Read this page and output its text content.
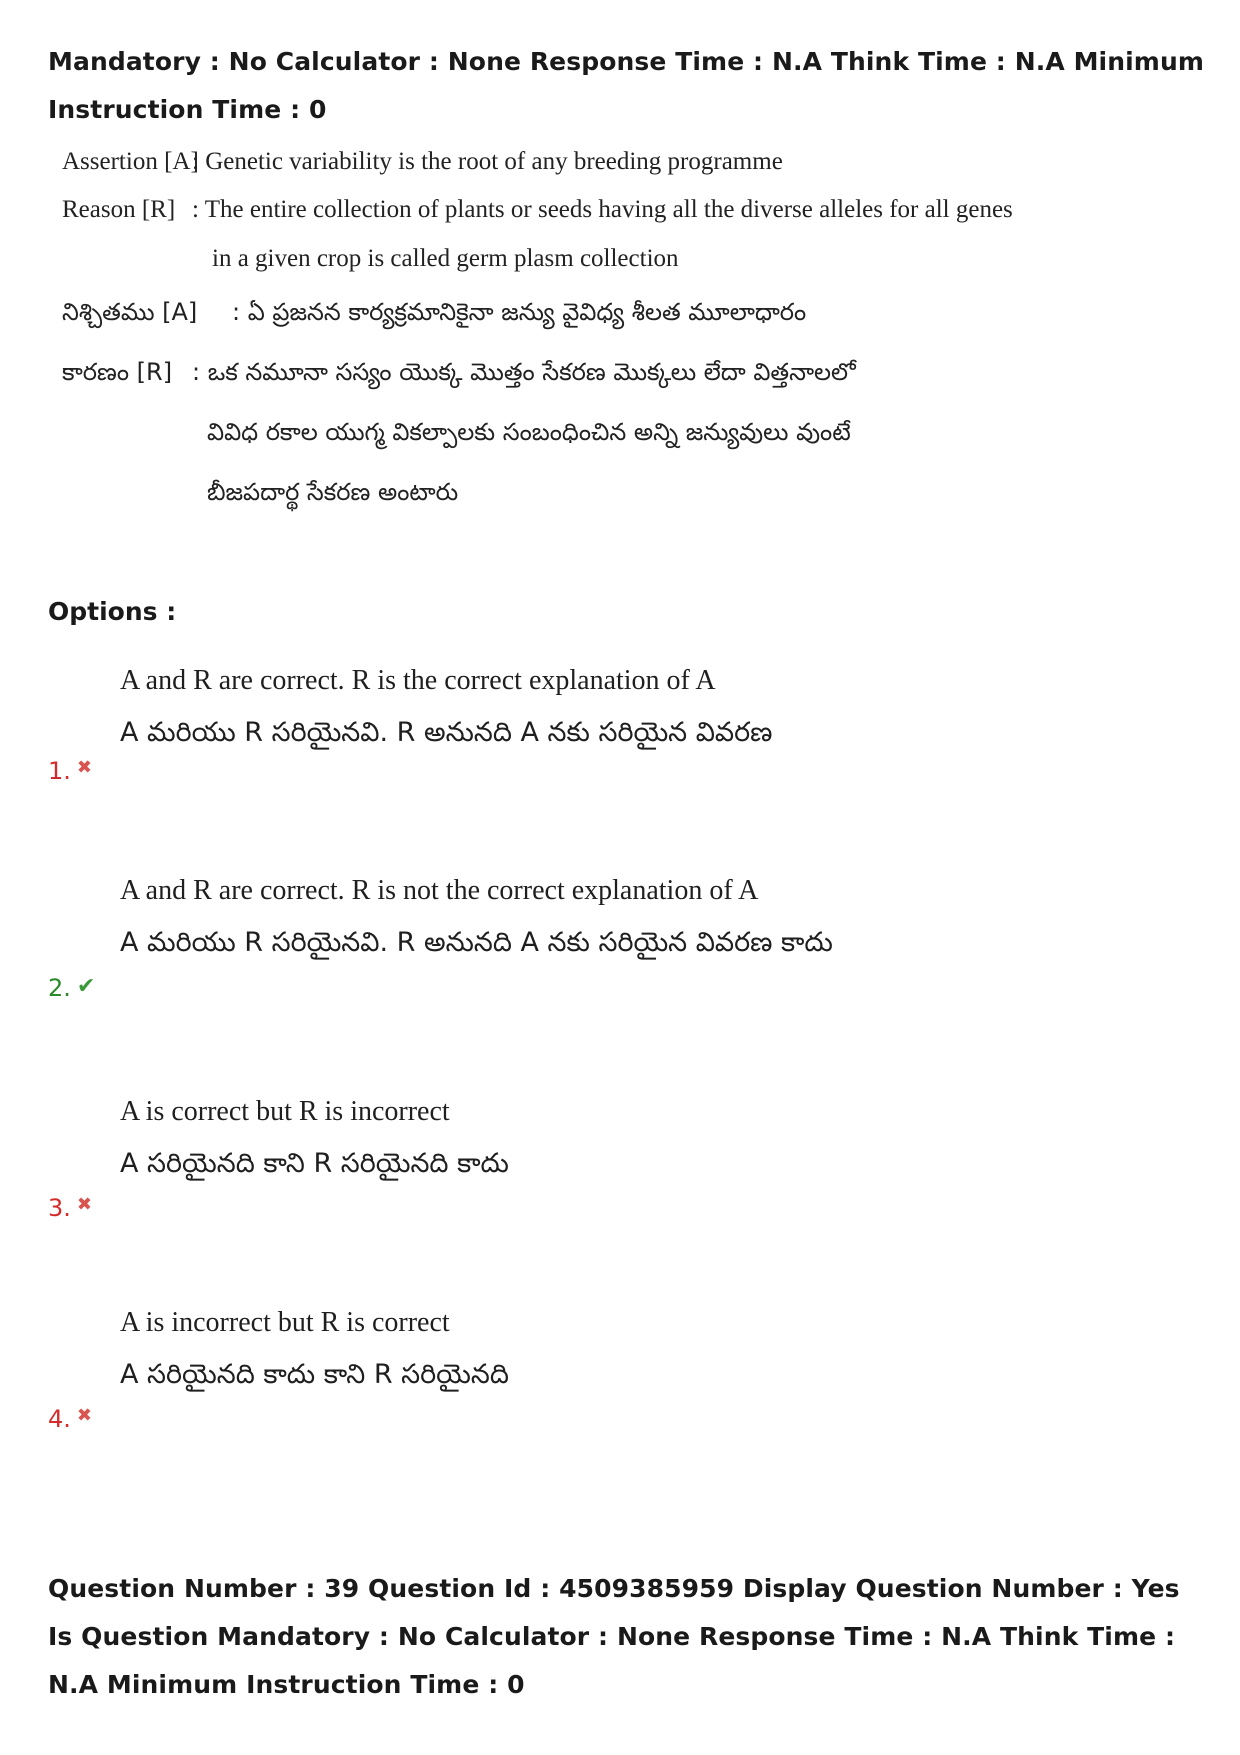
Mandatory : No Calculator : None Response Time : N.A Think Time : N.A Minimum Instruction Time : 0
Assertion [A]
: Genetic variability is the root of any breeding programme
Reason [R] : The entire collection of plants or seeds having all the diverse alleles for all genes
in a given crop is called germ plasm collection
నిశ్చితము [A] : ఏ ప్రజనన కార్యక్రమానికైనా జన్యు వైవిధ్య శీలత మూలాధారం
కారణం [R] : ఒక నమూనా సస్యం యొక్క మొత్తం సేకరణ మొక్కలు లేదా విత్తనాలలో
వివిధ రకాల యుగ్మ వికల్పాలకు సంబంధించిన అన్ని జన్యువులు వుంటే
బీజపదార్థ సేకరణ అంటారు
Options :
A and R are correct. R is the correct explanation of A
A మరియు R సరియైనవి. R అనునది A నకు సరియైన వివరణ
1. ✖
A and R are correct. R is not the correct explanation of A
A మరియు R సరియైనవి. R అనునది A నకు సరియైన వివరణ కాదు
2. ✔
A is correct but R is incorrect
A సరియైనది కాని R సరియైనది కాదు
3. ✖
A is incorrect but R is correct
A సరియైనది కాదు కాని R సరియైనది
4. ✖
Question Number : 39 Question Id : 4509385959 Display Question Number : Yes Is Question Mandatory : No Calculator : None Response Time : N.A Think Time : N.A Minimum Instruction Time : 0
